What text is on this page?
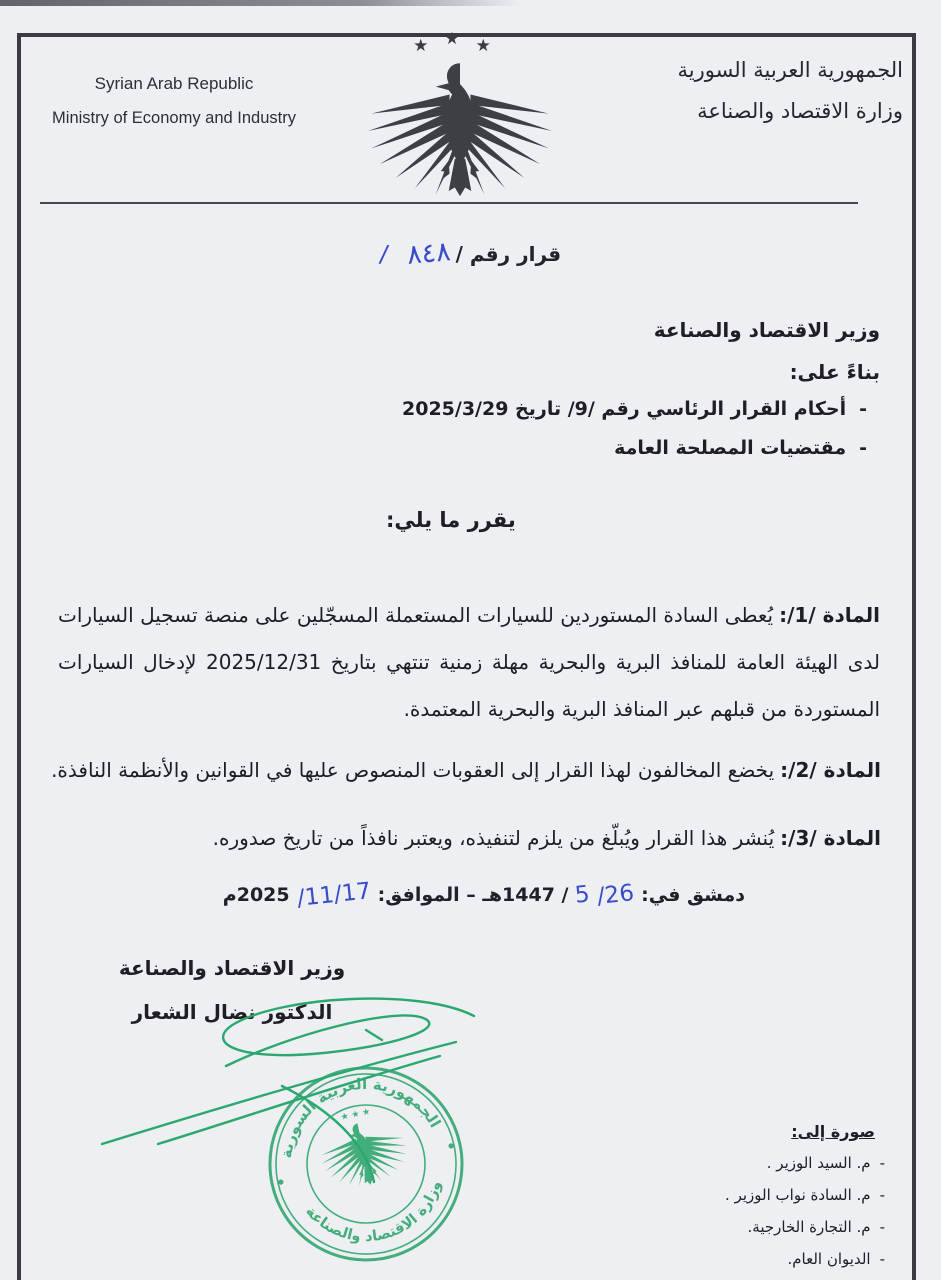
Syrian Arab Republic
Ministry of Economy and Industry
★★★
الجمهورية العربية السورية
وزارة الاقتصاد والصناعة
قرار رقم /
٨٤٨
/
وزير الاقتصاد والصناعة
بناءً على:
-
أحكام القرار الرئاسي رقم /9/ تاريخ 2025/3/29
-
مقتضيات المصلحة العامة
يقرر ما يلي:

المادة /1/:يُعطى السادة المستوردين للسيارات المستعملة المسجّلين على منصة تسجيل السيارات لدى الهيئة العامة للمنافذ البرية والبحرية مهلة زمنية تنتهي بتاريخ 2025/12/31 لإدخال السيارات المستوردة من قبلهم عبر المنافذ البرية والبحرية المعتمدة.

المادة /2/:يخضع المخالفون لهذا القرار إلى العقوبات المنصوص عليها في القوانين والأنظمة النافذة.

المادة /3/:يُنشر هذا القرار ويُبلّغ من يلزم لتنفيذه، ويعتبر نافذاً من تاريخ صدوره.

دمشق في:
/26
5
/ 1447هـ – الموافق:
/11/17
2025م
وزير الاقتصاد والصناعة
الدكتور نضال الشعار
الجمهورية العربية السورية
وزارة الاقتصاد والصناعة
★ ★ ★
صورة إلى:
-
م. السيد الوزير .
-
م. السادة نواب الوزير .
-
م. التجارة الخارجية.
-
الديوان العام.
